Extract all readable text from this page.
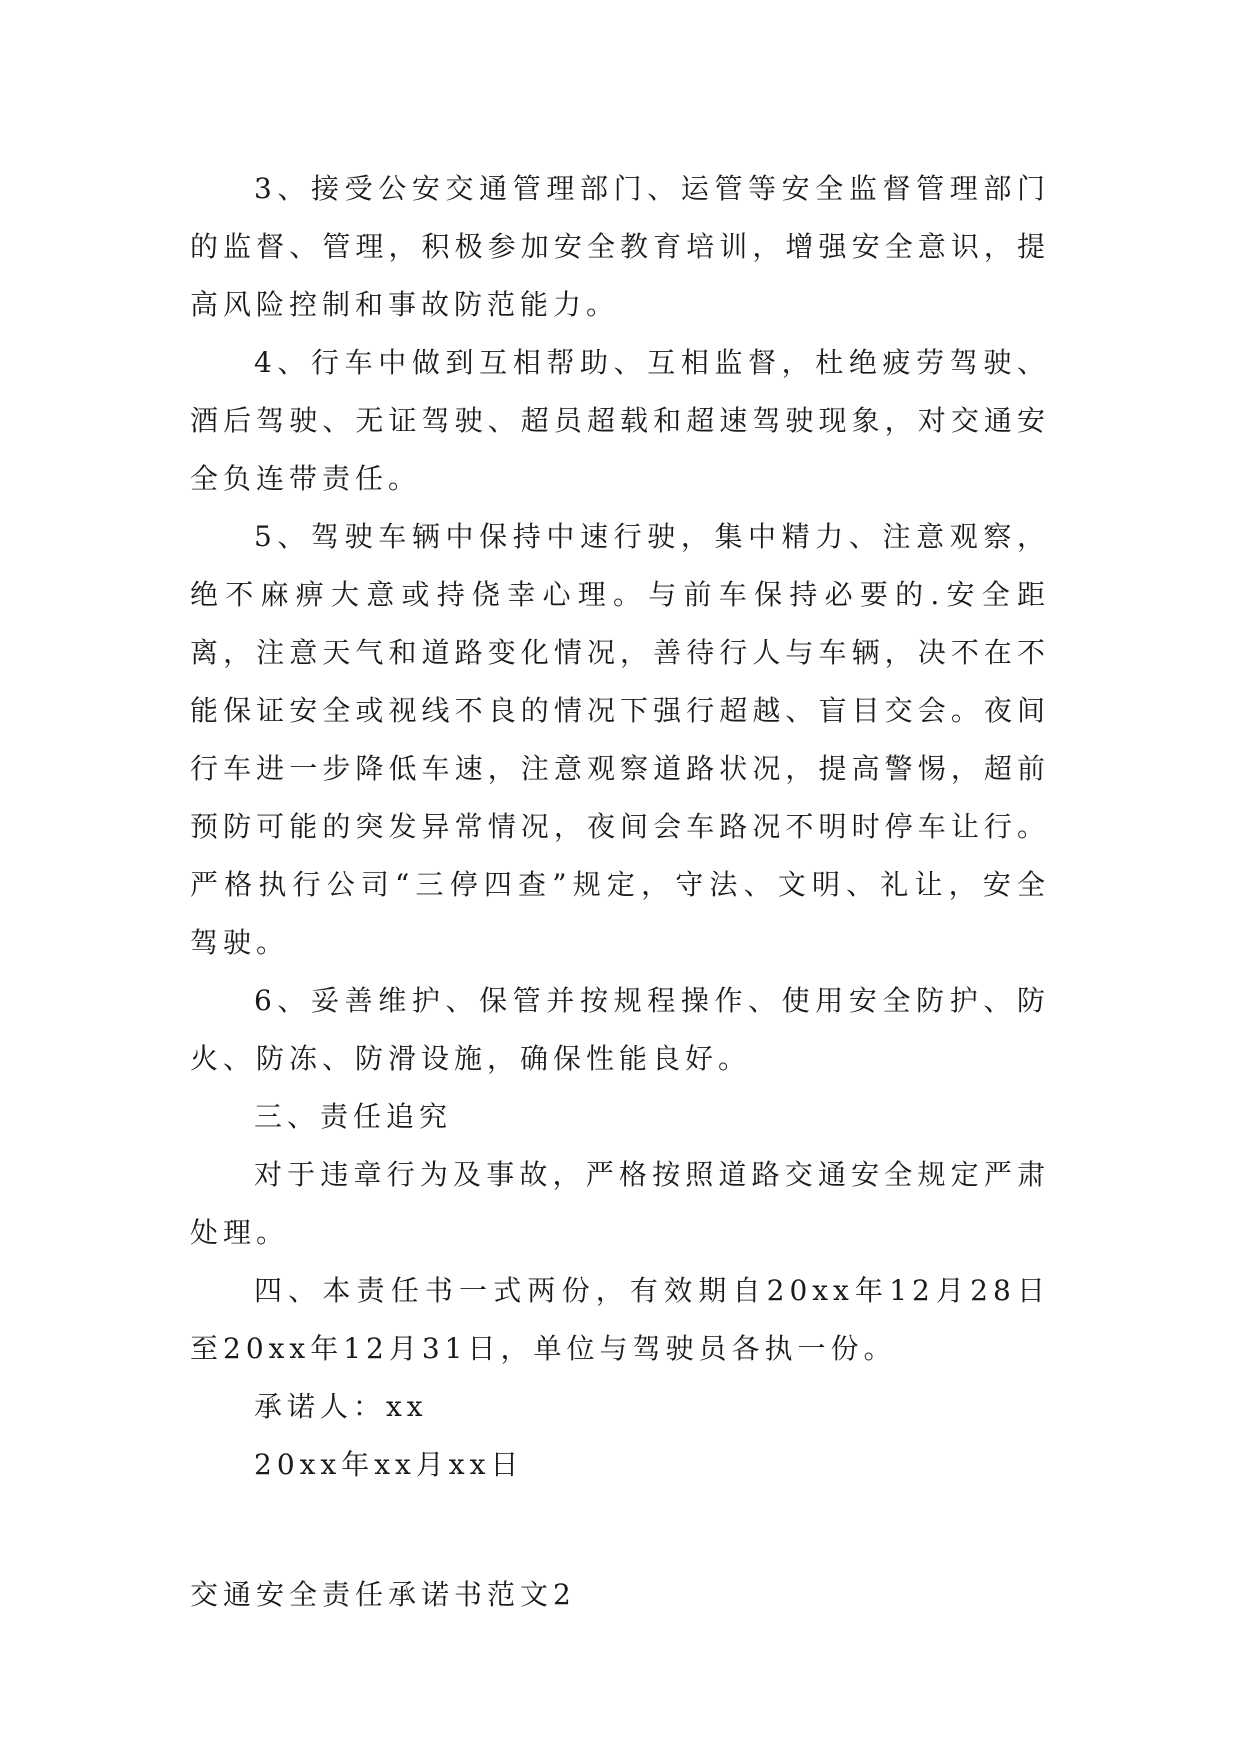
3、接受公安交通管理部门、运管等安全监督管理部门的监督、管理，积极参加安全教育培训，增强安全意识，提高风险控制和事故防范能力。

4、行车中做到互相帮助、互相监督，杜绝疲劳驾驶、酒后驾驶、无证驾驶、超员超载和超速驾驶现象，对交通安全负连带责任。

5、驾驶车辆中保持中速行驶，集中精力、注意观察，绝不麻痹大意或持侥幸心理。与前车保持必要的.安全距离，注意天气和道路变化情况，善待行人与车辆，决不在不能保证安全或视线不良的情况下强行超越、盲目交会。夜间行车进一步降低车速，注意观察道路状况，提高警惕，超前预防可能的突发异常情况，夜间会车路况不明时停车让行。严格执行公司“三停四查”规定，守法、文明、礼让，安全驾驶。

6、妥善维护、保管并按规程操作、使用安全防护、防火、防冻、防滑设施，确保性能良好。

三、责任追究

对于违章行为及事故，严格按照道路交通安全规定严肃处理。

四、本责任书一式两份，有效期自20xx年12月28日至20xx年12月31日，单位与驾驶员各执一份。

承诺人：xx

20xx年xx月xx日

交通安全责任承诺书范文2
